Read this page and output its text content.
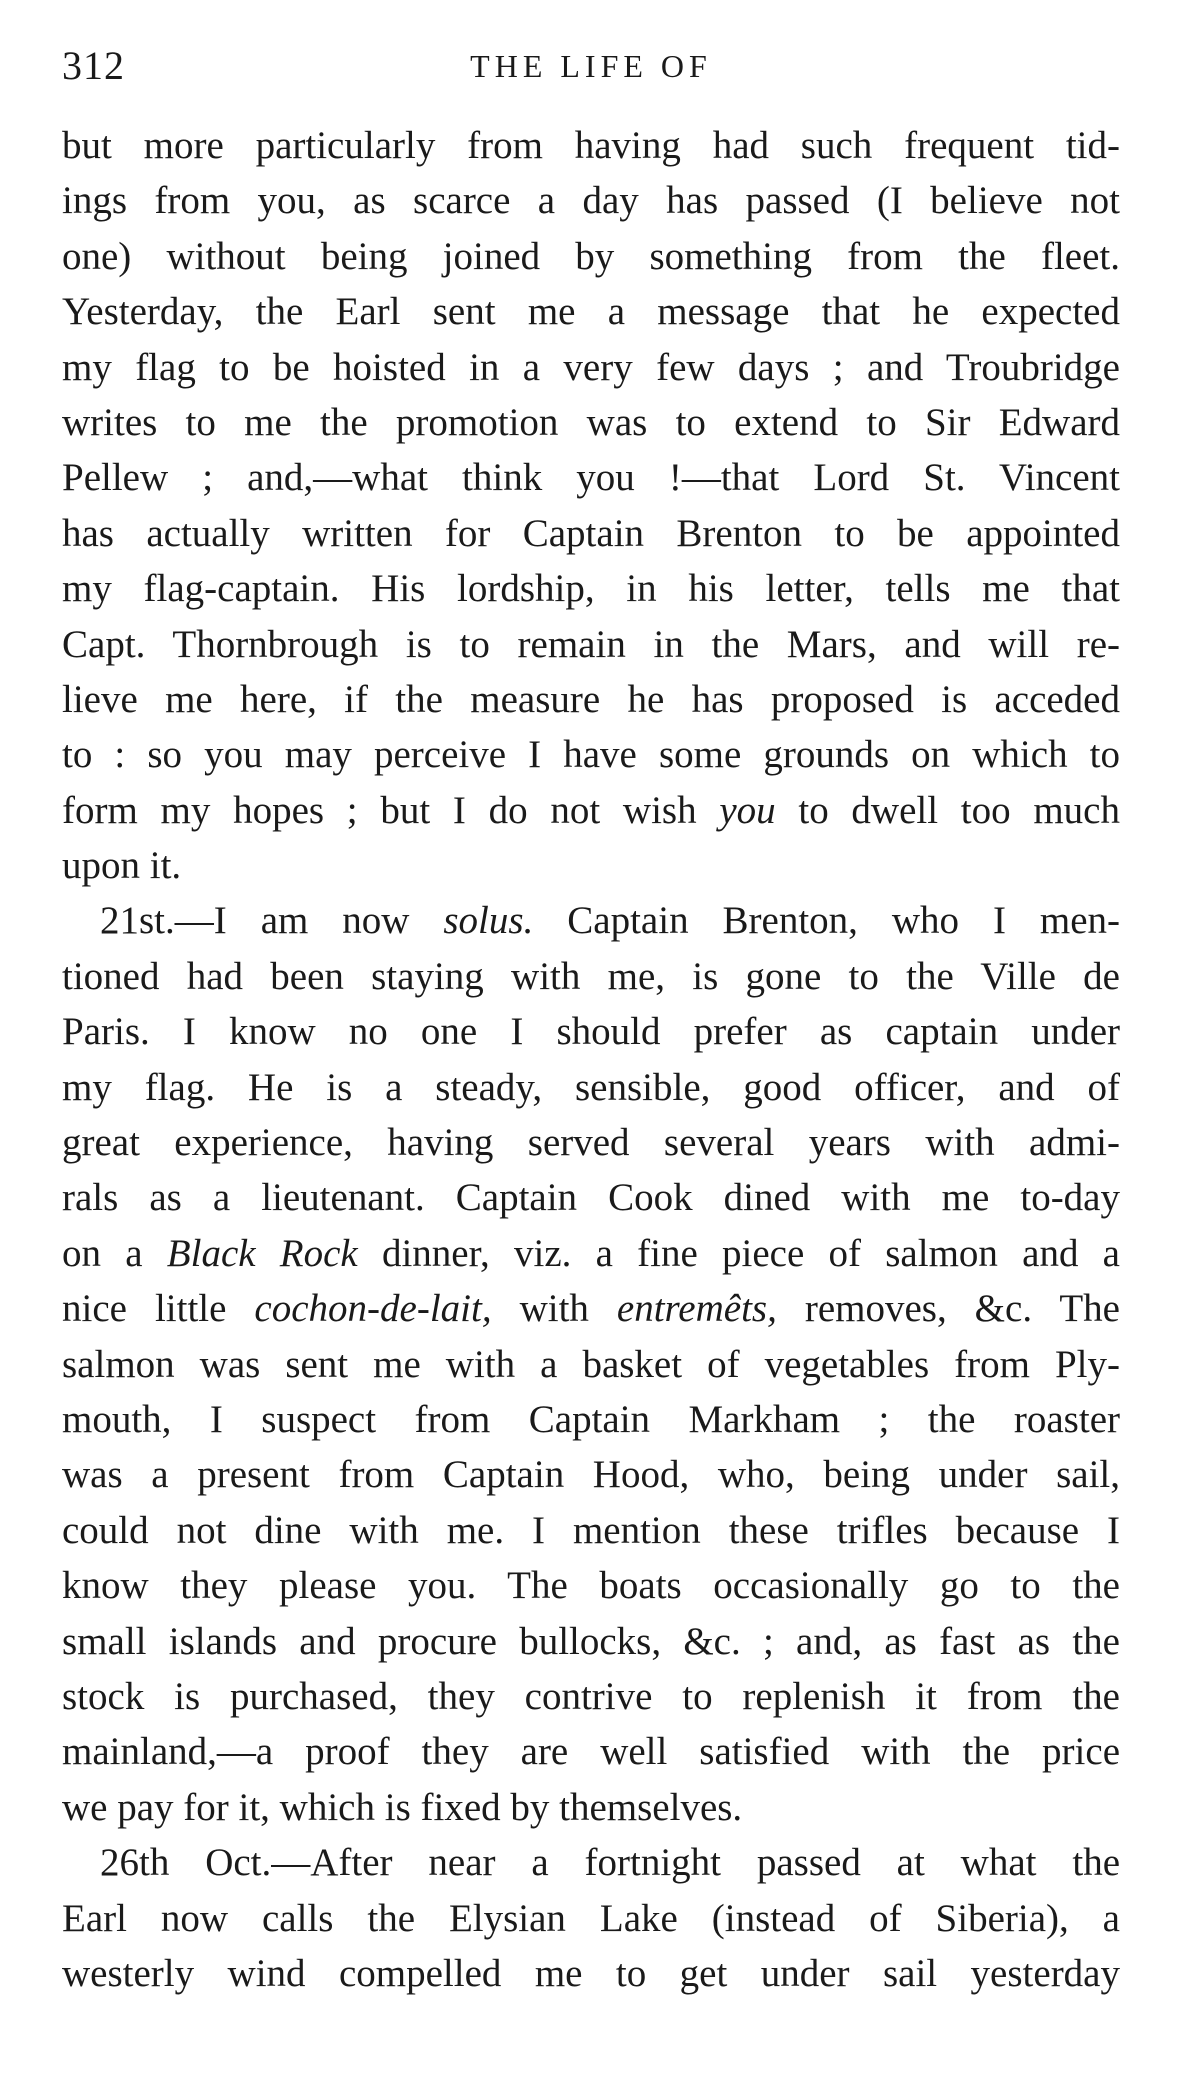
312	THE LIFE OF
but more particularly from having had such frequent tid-
ings from you, as scarce a day has passed (I believe not
one) without being joined by something from the fleet.
Yesterday, the Earl sent me a message that he expected
my flag to be hoisted in a very few days ; and Troubridge
writes to me the promotion was to extend to Sir Edward
Pellew ; and,—what think you !—that Lord St. Vincent
has actually written for Captain Brenton to be appointed
my flag-captain. His lordship, in his letter, tells me that
Capt. Thornbrough is to remain in the Mars, and will re-
lieve me here, if the measure he has proposed is acceded
to : so you may perceive I have some grounds on which to
form my hopes ; but I do not wish you to dwell too much
upon it.
21st.—I am now solus. Captain Brenton, who I men-
tioned had been staying with me, is gone to the Ville de
Paris. I know no one I should prefer as captain under
my flag. He is a steady, sensible, good officer, and of
great experience, having served several years with admi-
rals as a lieutenant. Captain Cook dined with me to-day
on a Black Rock dinner, viz. a fine piece of salmon and a
nice little cochon-de-lait, with entremêts, removes, &c. The
salmon was sent me with a basket of vegetables from Ply-
mouth, I suspect from Captain Markham ; the roaster
was a present from Captain Hood, who, being under sail,
could not dine with me. I mention these trifles because I
know they please you. The boats occasionally go to the
small islands and procure bullocks, &c. ; and, as fast as the
stock is purchased, they contrive to replenish it from the
mainland,—a proof they are well satisfied with the price
we pay for it, which is fixed by themselves.
26th Oct.—After near a fortnight passed at what the
Earl now calls the Elysian Lake (instead of Siberia), a
westerly wind compelled me to get under sail yesterday
